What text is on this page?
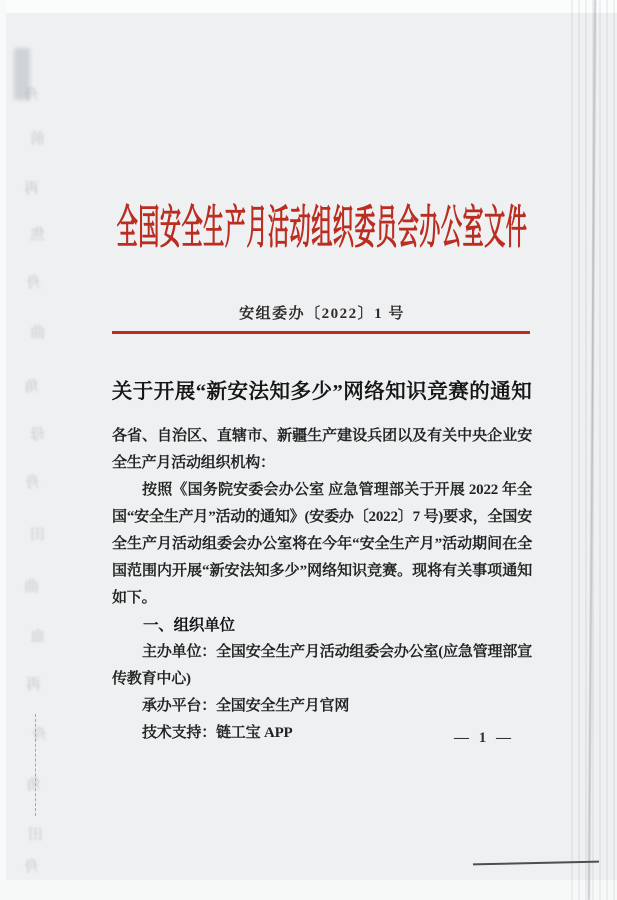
舟
前
再
焦
舟
曲
角
母
舟
田
曲
血
再
舟
角
田
舟
全国安全生产月活动组织委员会办公室文件
安组委办〔2022〕1 号
关于开展“新安法知多少”网络知识竞赛的通知

各省、自治区、直辖市、新疆生产建设兵团以及有关中央企业安全生产月活动组织机构：

按照《国务院安委会办公室 应急管理部关于开展 2022 年全国“安全生产月”活动的通知》(安委办〔2022〕7 号)要求，全国安全生产月活动组委会办公室将在今年“安全生产月”活动期间在全国范围内开展“新安法知多少”网络知识竞赛。现将有关事项通知如下。

一、组织单位

主办单位：全国安全生产月活动组委会办公室(应急管理部宣传教育中心)

承办平台：全国安全生产月官网

技术支持：链工宝 APP	— 1 —
